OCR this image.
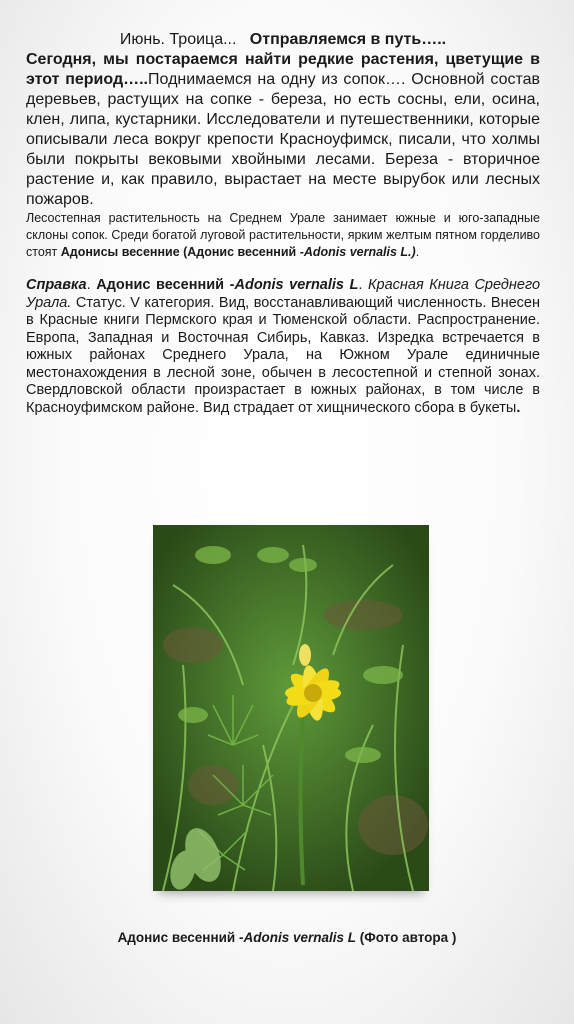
Июнь. Троица... Отправляемся в путь…..
Сегодня, мы постараемся найти редкие растения, цветущие в этот период…..Поднимаемся на одну из сопок…. Основной состав деревьев, растущих на сопке - береза, но есть сосны, ели, осина, клен, липа, кустарники. Исследователи и путешественники, которые описывали леса вокруг крепости Красноуфимск, писали, что холмы были покрыты вековыми хвойными лесами. Береза - вторичное растение и, как правило, вырастает на месте вырубок или лесных пожаров.

Лесостепная растительность на Среднем Урале занимает южные и юго-западные склоны сопок. Среди богатой луговой растительности, ярким желтым пятном горделиво стоят Адонисы весенние (Адонис весенний -Adonis vernalis L.).

Справка. Адонис весенний -Adonis vernalis L. Красная Книга Среднего Урала. Статус. V категория. Вид, восстанавливающий численность. Внесен в Красные книги Пермского края и Тюменской области. Распространение. Европа, Западная и Восточная Сибирь, Кавказ. Изредка встречается в южных районах Среднего Урала, на Южном Урале единичные местонахождения в лесной зоне, обычен в лесостепной и степной зонах. Свердловской области произрастает в южных районах, в том числе в Красноуфимском районе. Вид страдает от хищнического сбора в букеты.

Адонис весенний -Adonis vernalis L (Фото автора )
